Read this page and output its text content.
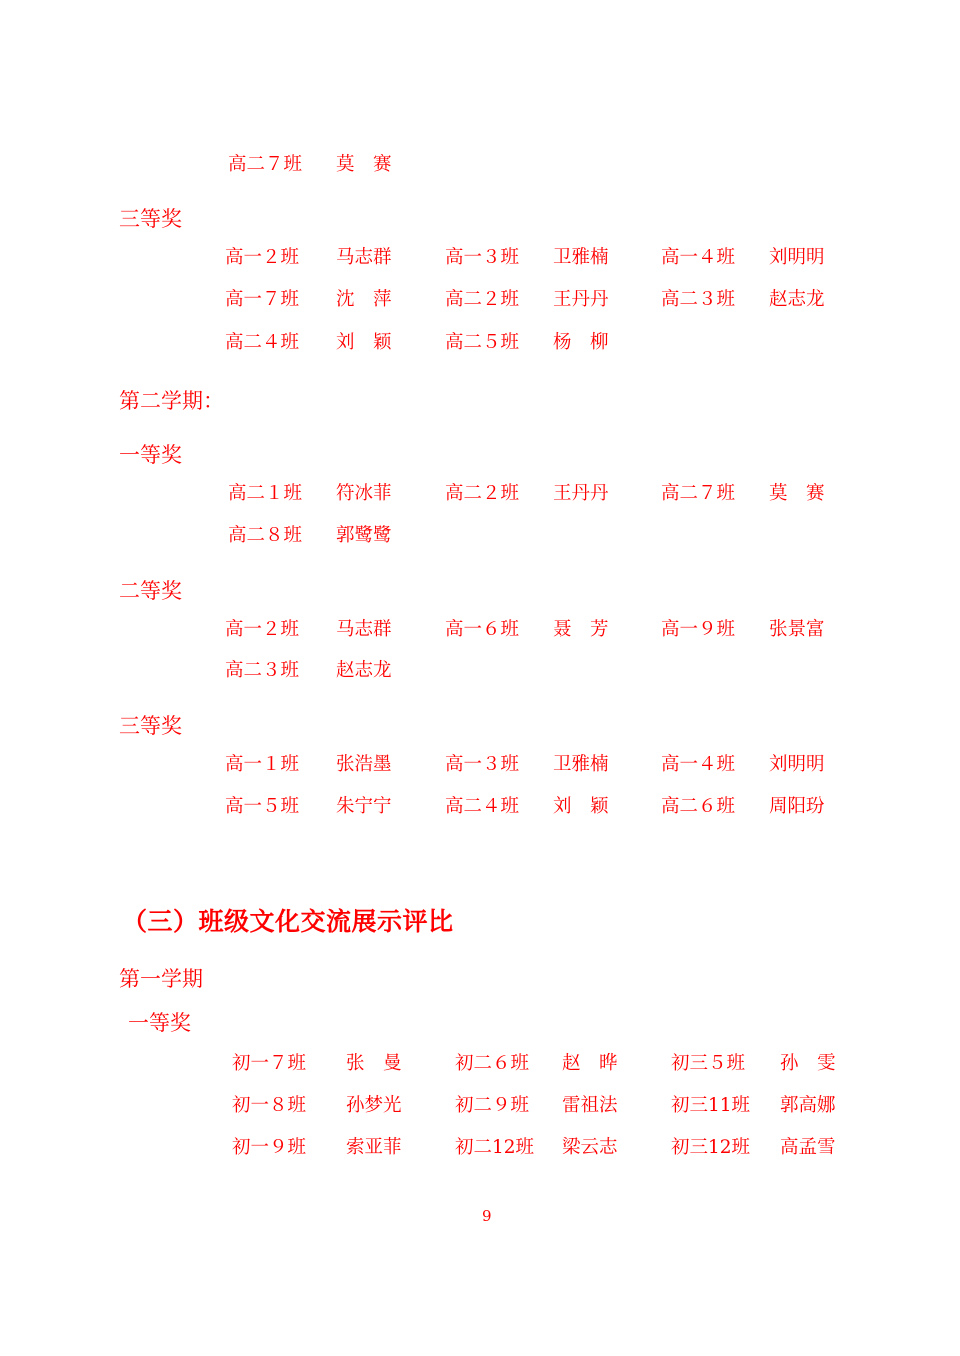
高二７班 莫　赛
三等奖
高一２班 马志群	高一３班 卫雅楠	高一４班 刘明明
高一７班 沈　萍	高二２班 王丹丹	高二３班 赵志龙
高二４班 刘　颖	高二５班 杨　柳
第二学期：
一等奖
高二１班 符冰菲	高二２班 王丹丹	高二７班 莫　赛
高二８班 郭鹭鹭
二等奖
高一２班 马志群	高一６班 聂　芳	高一９班 张景富
高二３班 赵志龙
三等奖
高一１班 张浩墨	高一３班 卫雅楠	高一４班 刘明明
高一５班 朱宁宁	高二４班 刘　颖	高二６班 周阳玢
（三）班级文化交流展示评比
第一学期
一等奖
初一７班 张　曼	初二６班 赵　晔	初三５班 孙　雯
初一８班 孙梦光	初二９班 雷祖法	初三11班 郭高娜
初一９班 索亚菲	初二12班 梁云志	初三12班 高孟雪
9
